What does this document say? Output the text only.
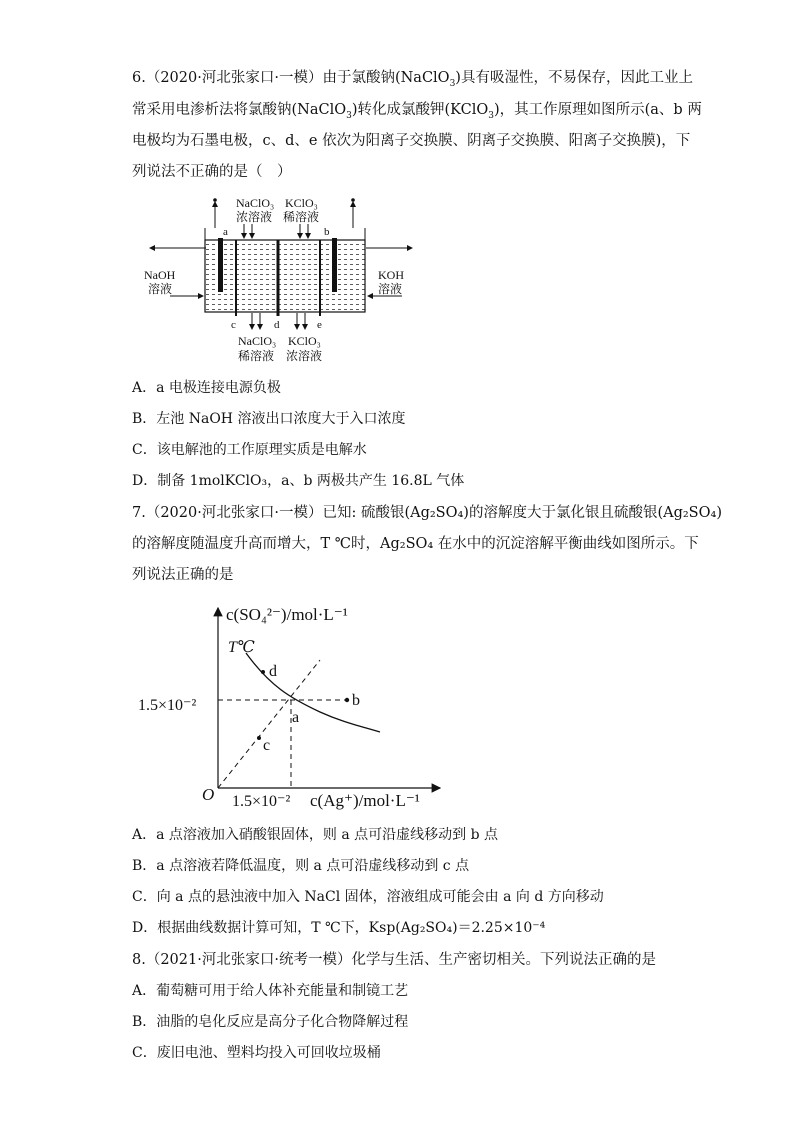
6.（2020·河北张家口·一模）由于氯酸钠(NaClO$_3$)具有吸湿性，不易保存，因此工业上
常采用电渗析法将氯酸钠(NaClO$_3$)转化成氯酸钾(KClO$_3$)，其工作原理如图所示(a、b 两
电极均为石墨电极，c、d、e 依次为阳离子交换膜、阴离子交换膜、阳离子交换膜)，下
列说法不正确的是（　）
NaClO₃
浓溶液
KClO₃
稀溶液
a	b
NaOH
溶液
KOH
溶液
c	d	e
NaClO₃
稀溶液
KClO₃
浓溶液
A．a 电极连接电源负极
B．左池 NaOH 溶液出口浓度大于入口浓度
C．该电解池的工作原理实质是电解水
D．制备 1molKClO₃，a、b 两极共产生 16.8L 气体
7.（2020·河北张家口·一模）已知: 硫酸银(Ag₂SO₄)的溶解度大于氯化银且硫酸银(Ag₂SO₄)
的溶解度随温度升高而增大，T ℃时，Ag₂SO₄ 在水中的沉淀溶解平衡曲线如图所示。下
列说法正确的是
c(SO₄²⁻)/mol·L⁻¹
c(Ag⁺)/mol·L⁻¹
1.5×10⁻²
1.5×10⁻²
O
T℃
d
b
a
c
A．a 点溶液加入硝酸银固体，则 a 点可沿虚线移动到 b 点
B．a 点溶液若降低温度，则 a 点可沿虚线移动到 c 点
C．向 a 点的悬浊液中加入 NaCl 固体，溶液组成可能会由 a 向 d 方向移动
D．根据曲线数据计算可知，T ℃下，Ksp(Ag₂SO₄)＝2.25×10⁻⁴
8.（2021·河北张家口·统考一模）化学与生活、生产密切相关。下列说法正确的是
A．葡萄糖可用于给人体补充能量和制镜工艺
B．油脂的皂化反应是高分子化合物降解过程
C．废旧电池、塑料均投入可回收垃圾桶
